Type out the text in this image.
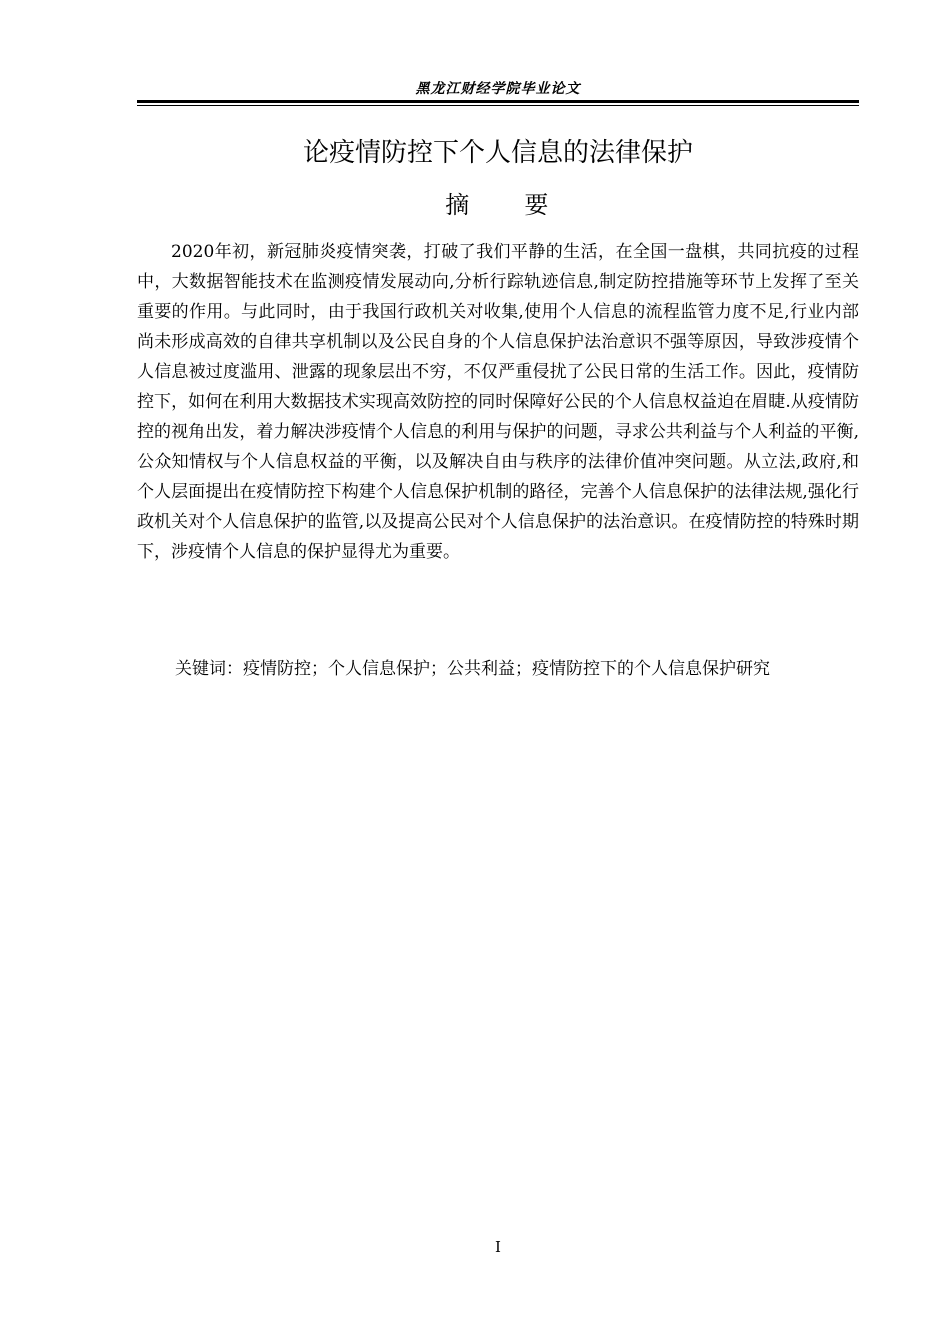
黑龙江财经学院毕业论文
论疫情防控下个人信息的法律保护
摘　　要

2020年初，新冠肺炎疫情突袭，打破了我们平静的生活，在全国一盘棋，共同抗疫的过程中，大数据智能技术在监测疫情发展动向,分析行踪轨迹信息,制定防控措施等环节上发挥了至关重要的作用。与此同时，由于我国行政机关对收集,使用个人信息的流程监管力度不足,行业内部尚未形成高效的自律共享机制以及公民自身的个人信息保护法治意识不强等原因，导致涉疫情个人信息被过度滥用、泄露的现象层出不穷，不仅严重侵扰了公民日常的生活工作。因此，疫情防控下，如何在利用大数据技术实现高效防控的同时保障好公民的个人信息权益迫在眉睫.从疫情防控的视角出发，着力解决涉疫情个人信息的利用与保护的问题，寻求公共利益与个人利益的平衡,公众知情权与个人信息权益的平衡，以及解决自由与秩序的法律价值冲突问题。从立法,政府,和个人层面提出在疫情防控下构建个人信息保护机制的路径，完善个人信息保护的法律法规,强化行政机关对个人信息保护的监管,以及提高公民对个人信息保护的法治意识。在疫情防控的特殊时期下，涉疫情个人信息的保护显得尤为重要。

关键词：疫情防控；个人信息保护；公共利益；疫情防控下的个人信息保护研究
I
